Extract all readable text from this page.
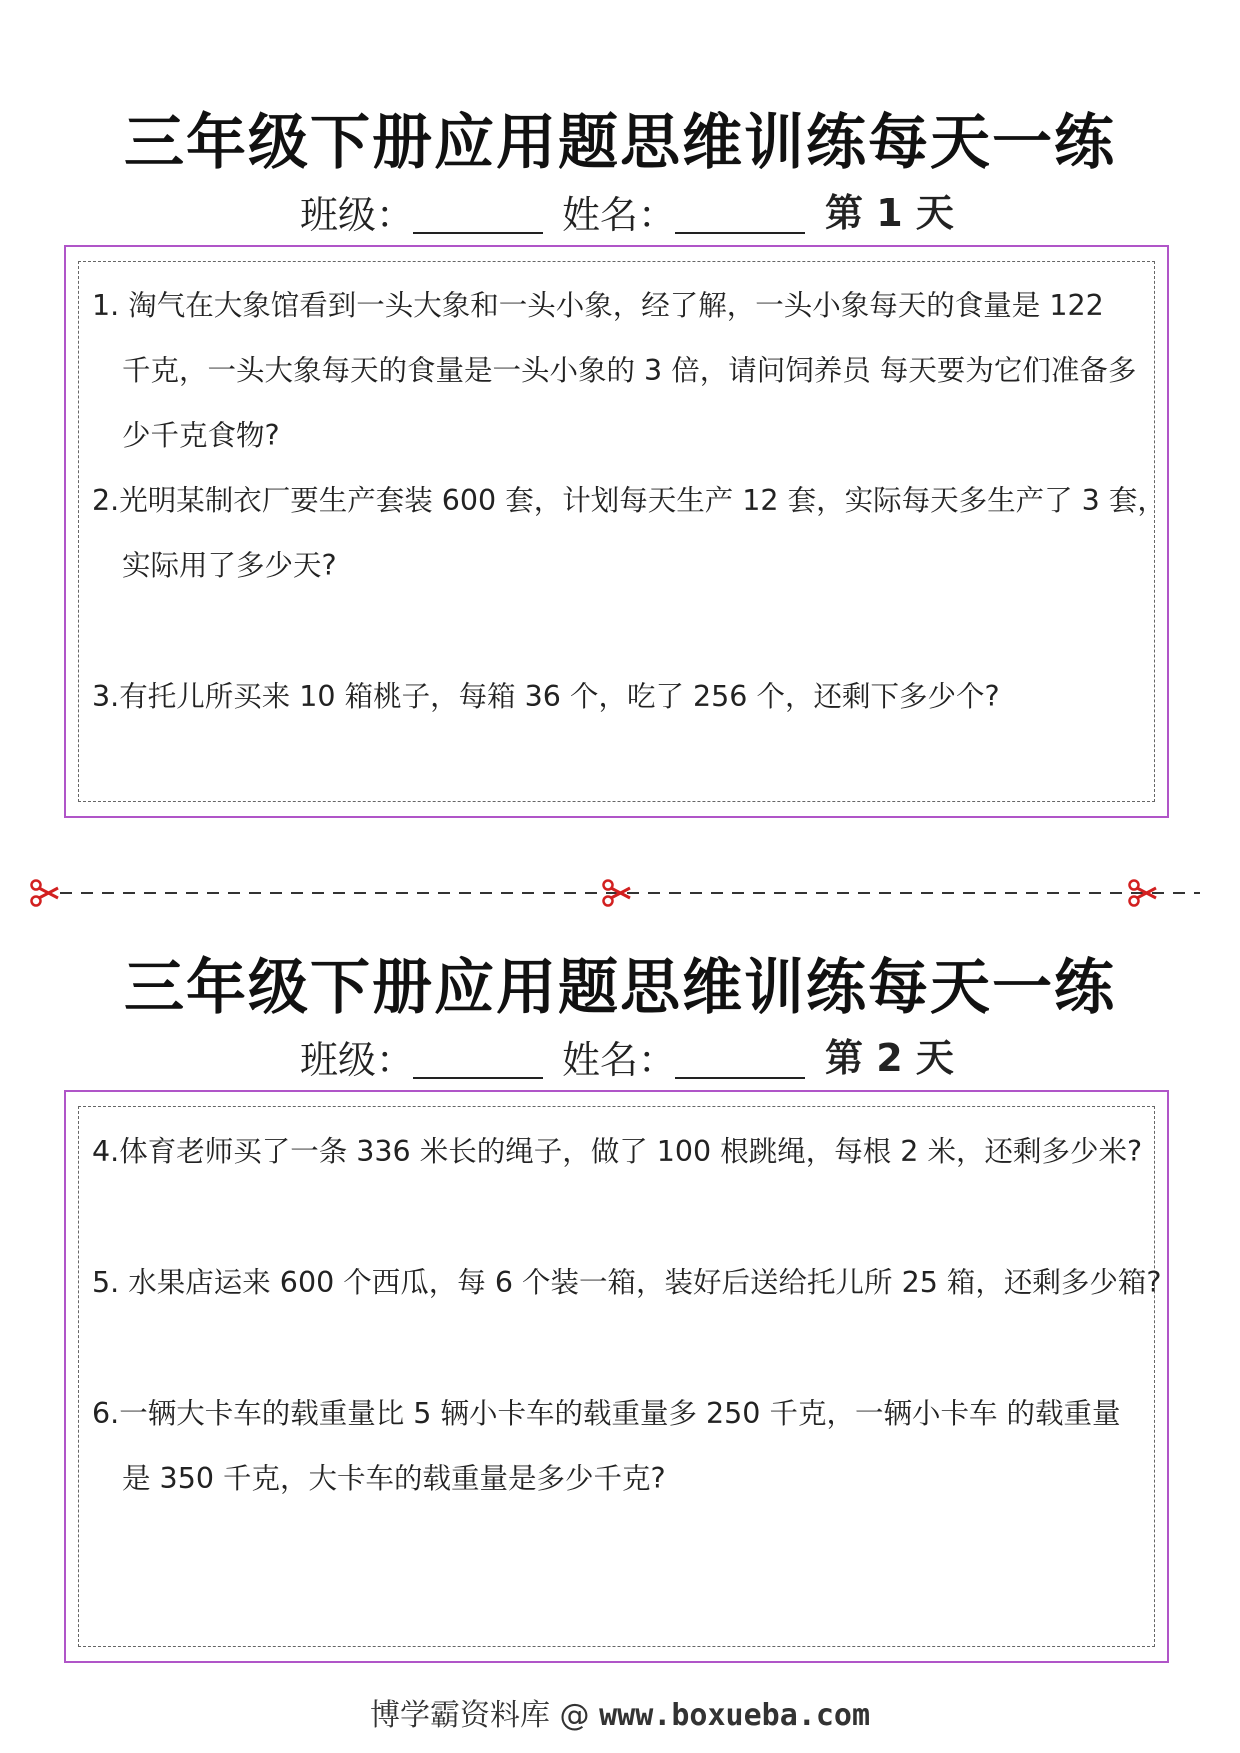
三年级下册应用题思维训练每天一练
班级：	姓名：	第 1 天
1. 淘气在大象馆看到一头大象和一头小象，经了解，一头小象每天的食量是 122
千克，一头大象每天的食量是一头小象的 3 倍，请问饲养员 每天要为它们准备多
少千克食物?
2.光明某制衣厂要生产套装 600 套，计划每天生产 12 套，实际每天多生产了 3 套，
实际用了多少天?
3.有托儿所买来 10 箱桃子，每箱 36 个，吃了 256 个，还剩下多少个?
三年级下册应用题思维训练每天一练
班级：	姓名：	第 2 天
4.体育老师买了一条 336 米长的绳子，做了 100 根跳绳，每根 2 米，还剩多少米?
5. 水果店运来 600 个西瓜，每 6 个装一箱，装好后送给托儿所 25 箱，还剩多少箱?
6.一辆大卡车的载重量比 5 辆小卡车的载重量多 250 千克，一辆小卡车 的载重量
是 350 千克，大卡车的载重量是多少千克?
博学霸资料库 @ www.boxueba.com
